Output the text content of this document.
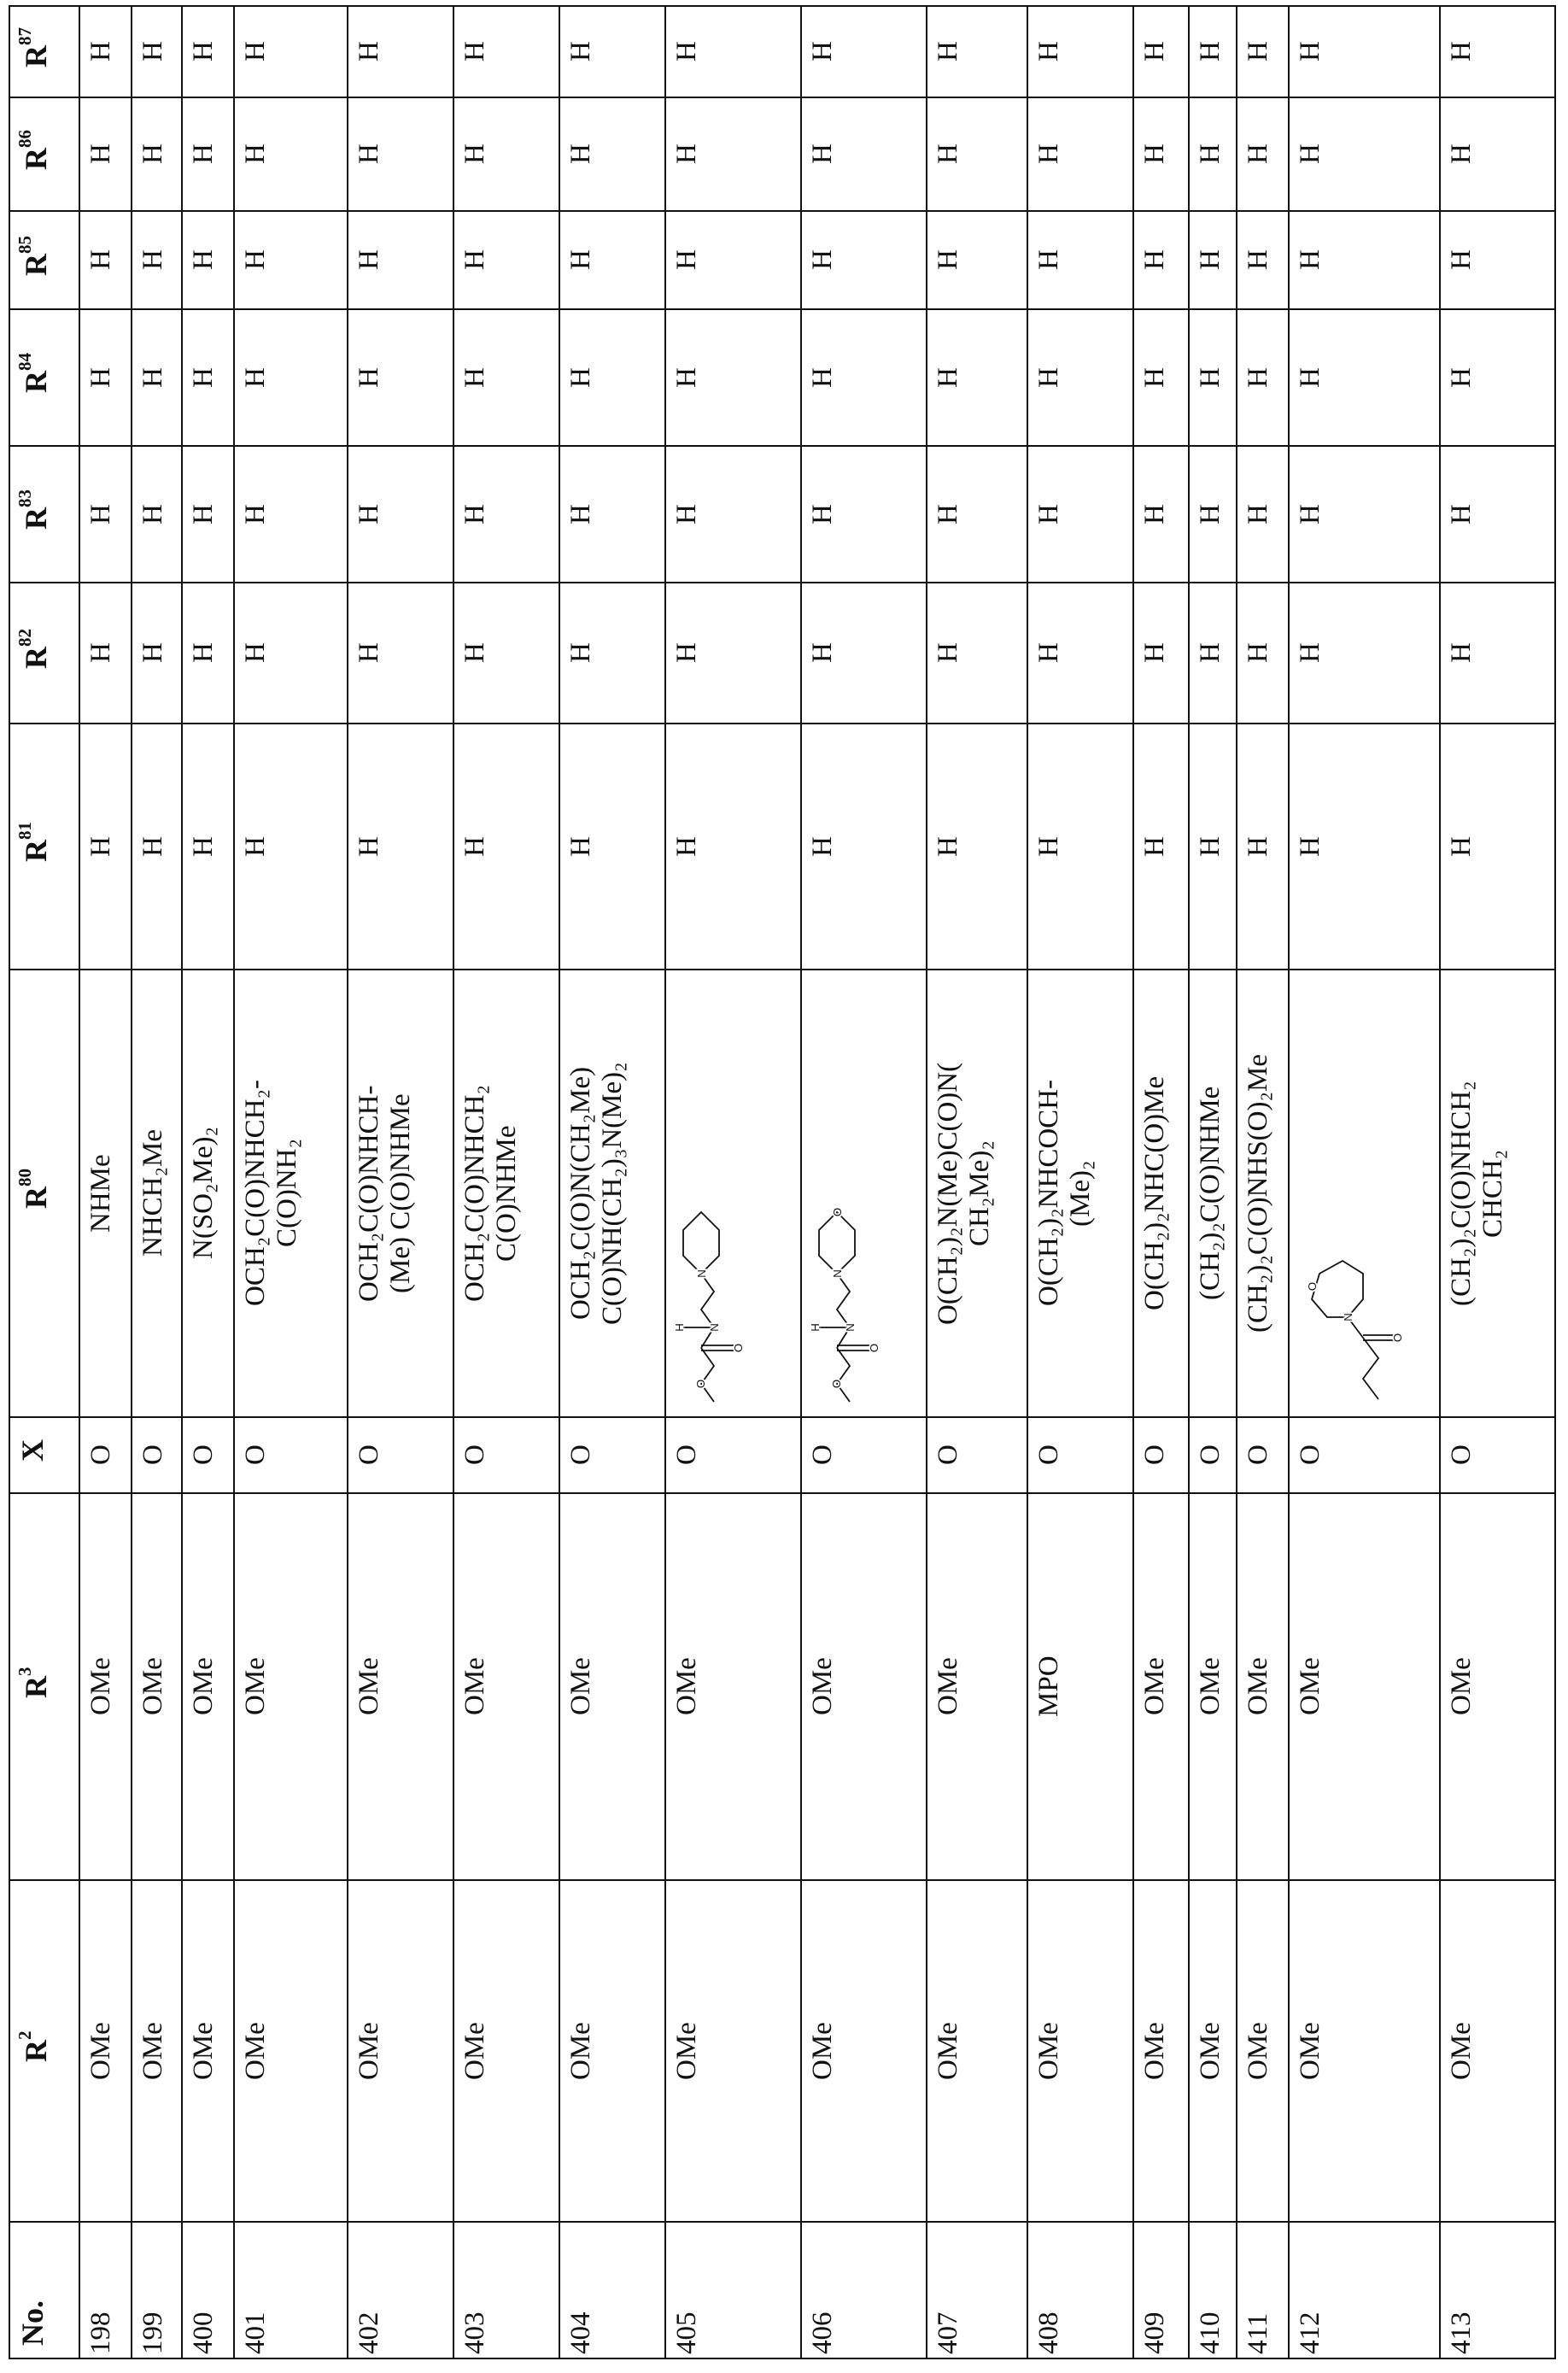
No.
R2
R3
X
R80
R81
R82
R83
R84
R85
R86
R87
198
OMe
OMe
O
NHMe
H
H
H
H
H
H
H
199
OMe
OMe
O
NHCH₂Me
H
H
H
H
H
H
H
400
OMe
OMe
O
N(SO₂Me)₂
H
H
H
H
H
H
H
401
OMe
OMe
O
OCH₂C(O)NHCH₂-
C(O)NH₂
H
H
H
H
H
H
H
402
OMe
OMe
O
OCH₂C(O)NHCH-
(Me) C(O)NHMe
H
H
H
H
H
H
H
403
OMe
OMe
O
OCH₂C(O)NHCH₂
C(O)NHMe
H
H
H
H
H
H
H
404
OMe
OMe
O
OCH₂C(O)N(CH₂Me)
C(O)NH(CH₂)₃N(Me)₂
H
H
H
H
H
H
H
405
OMe
OMe
O
O
O
H N
N
H
H
H
H
H
H
H
406
OMe
OMe
O
O
O
H N
N
O
H
H
H
H
H
H
H
407
OMe
OMe
O
O(CH₂)₂N(Me)C(O)N(
CH₂Me)₂
H
H
H
H
H
H
H
408
OMe
MPO
O
O(CH₂)₂NHCOCH-
(Me)₂
H
H
H
H
H
H
H
409
OMe
OMe
O
O(CH₂)₂NHC(O)Me
H
H
H
H
H
H
H
410
OMe
OMe
O
(CH₂)₂C(O)NHMe
H
H
H
H
H
H
H
411
OMe
OMe
O
(CH₂)₂C(O)NHS(O)₂Me
H
H
H
H
H
H
H
412
OMe
OMe
O
O
N
O
H
H
H
H
H
H
H
413
OMe
OMe
O
(CH₂)₂C(O)NHCH₂
CHCH₂
H
H
H
H
H
H
H
